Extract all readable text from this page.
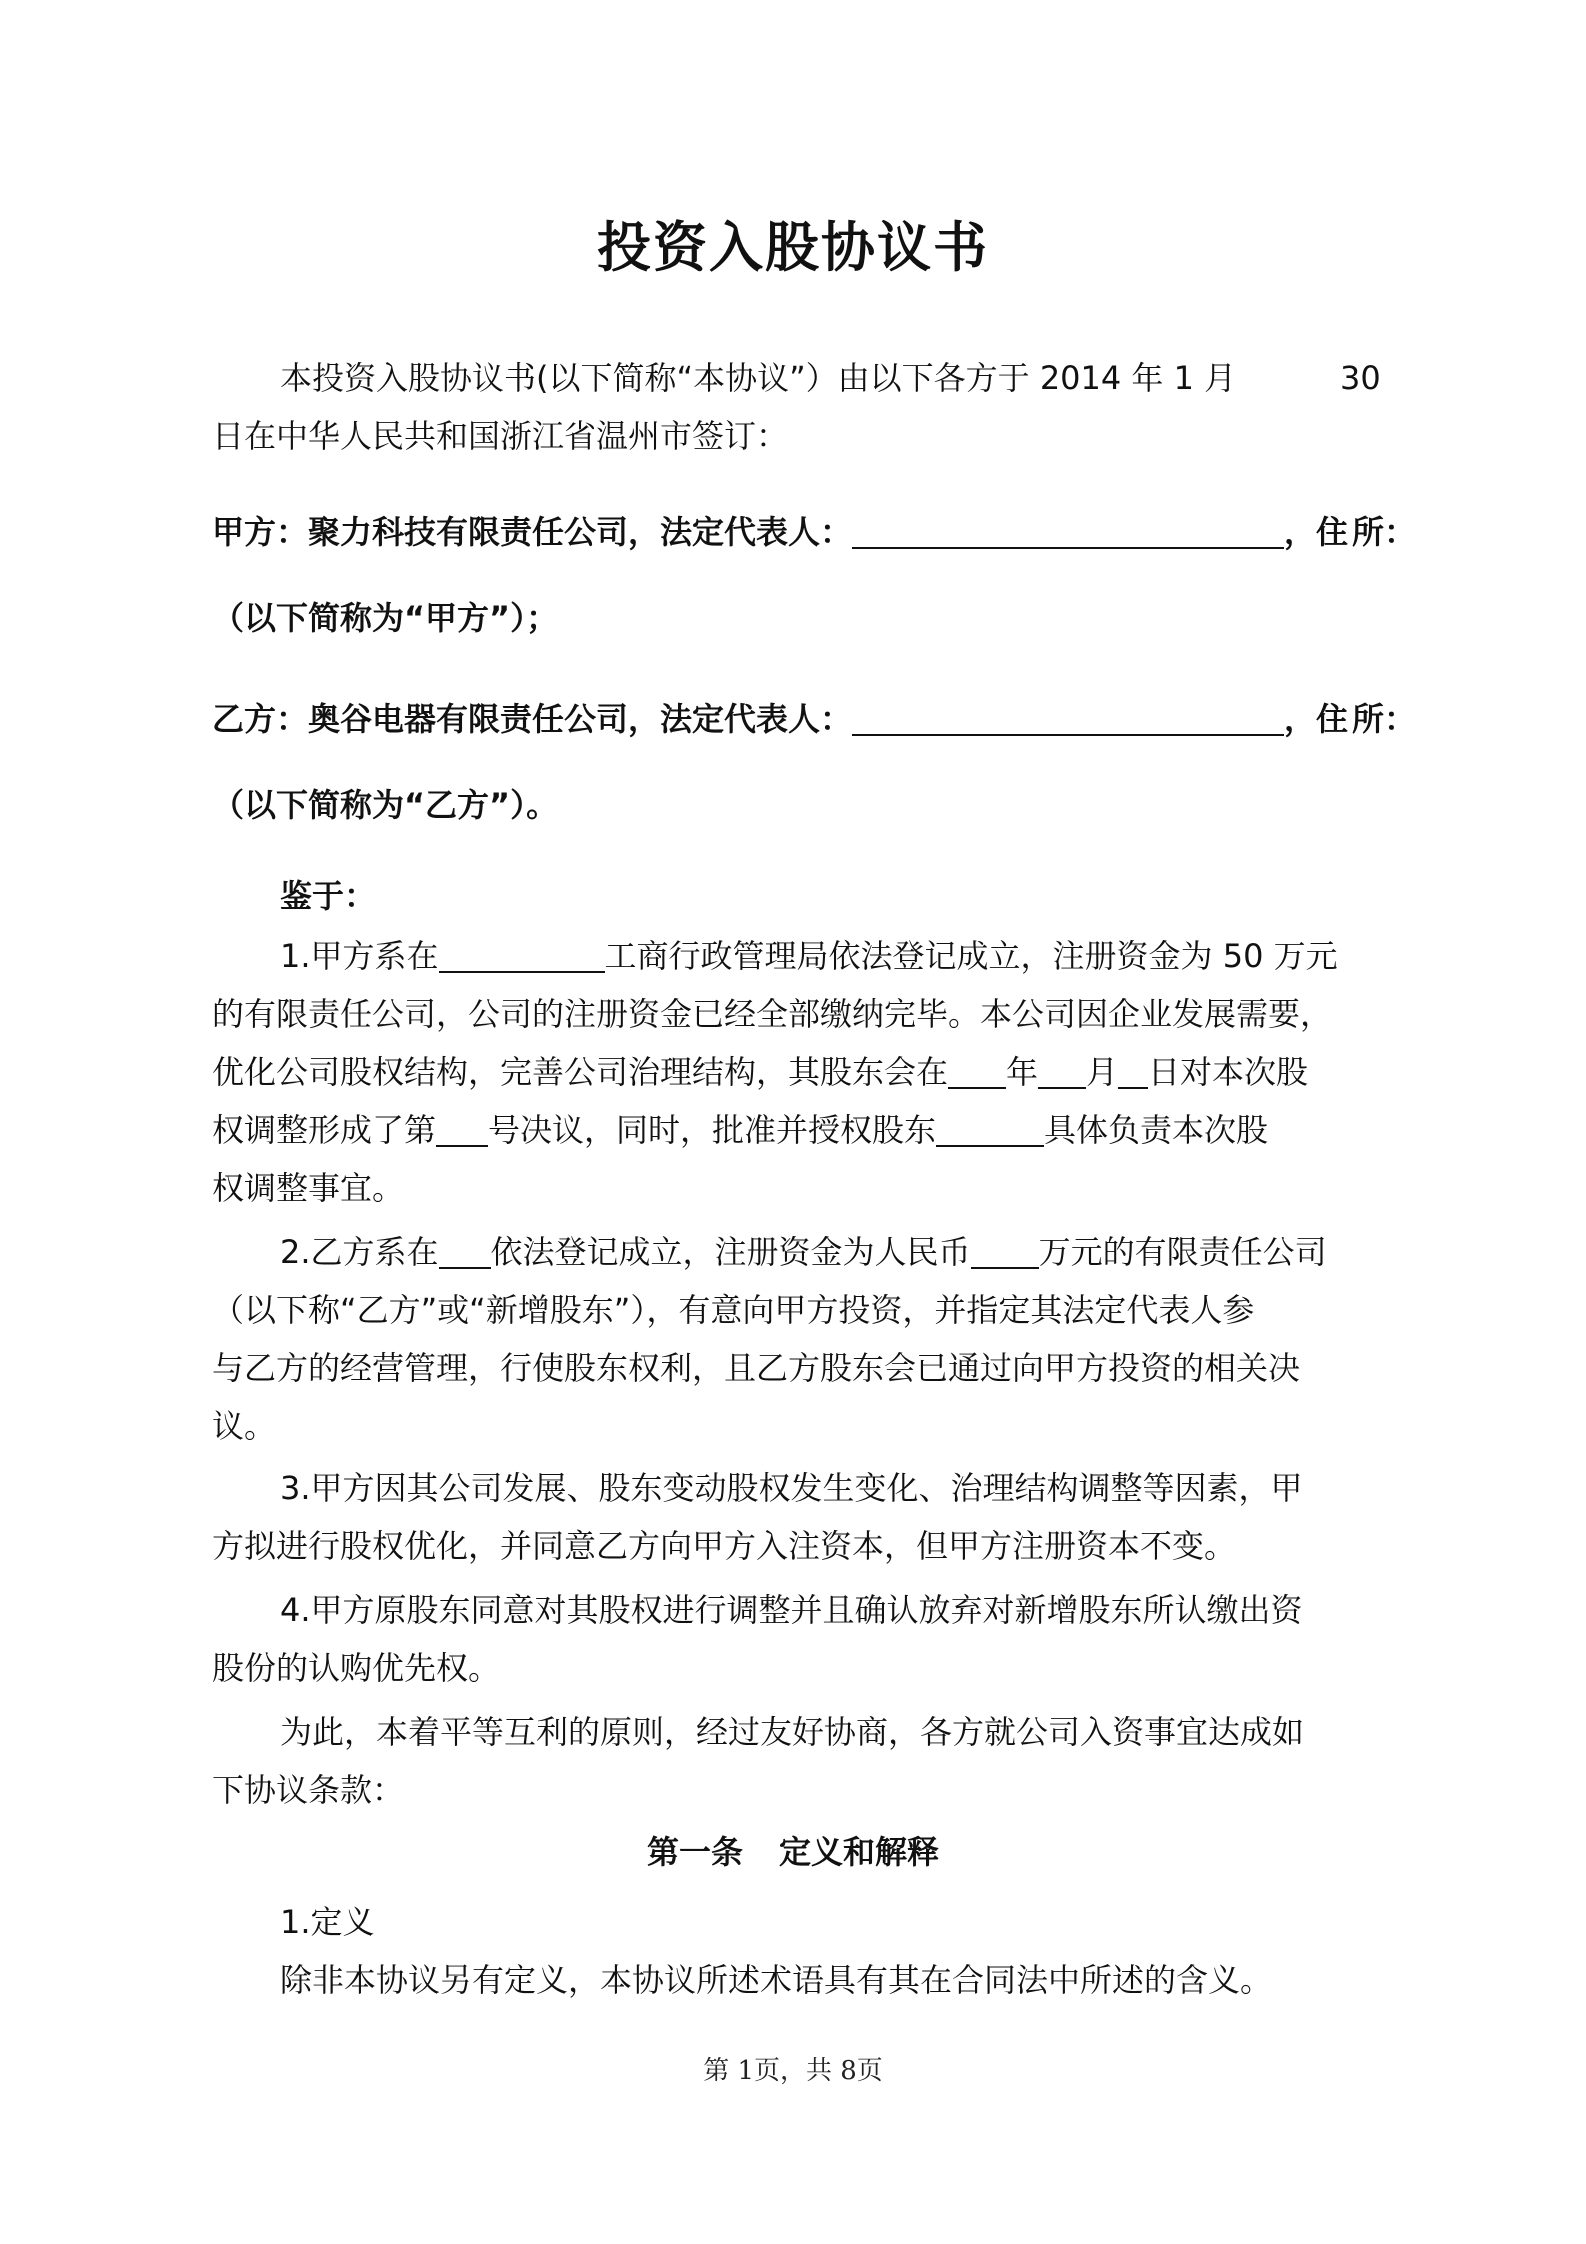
投资入股协议书
本投资入股协议书(以下简称“本协议”）由以下各方于 2014 年 1 月	30
日在中华人民共和国浙江省温州市签订：
甲方：聚力科技有限责任公司，法定代表人：	，住 所：
（以下简称为“甲方”）；
乙方：奥谷电器有限责任公司，法定代表人：	，住 所：
（以下简称为“乙方”）。
鉴于：
1.甲方系在	工商行政管理局依法登记成立，注册资金为 50 万元
的有限责任公司，公司的注册资金已经全部缴纳完毕。本公司因企业发展需要，
优化公司股权结构，完善公司治理结构，其股东会在 年 月 日对本次股
权调整形成了第 号决议，同时，批准并授权股东	具体负责本次股
权调整事宜。
2.乙方系在 依法登记成立，注册资金为人民币 万元的有限责任公司
（以下称“乙方”或“新增股东”），有意向甲方投资，并指定其法定代表人参
与乙方的经营管理，行使股东权利，且乙方股东会已通过向甲方投资的相关决
议。
3.甲方因其公司发展、股东变动股权发生变化、治理结构调整等因素，甲
方拟进行股权优化，并同意乙方向甲方入注资本，但甲方注册资本不变。
4.甲方原股东同意对其股权进行调整并且确认放弃对新增股东所认缴出资
股份的认购优先权。
为此，本着平等互利的原则，经过友好协商，各方就公司入资事宜达成如
下协议条款：
第一条 定义和解释
1.定义
除非本协议另有定义，本协议所述术语具有其在合同法中所述的含义。
第 1页，共 8页
